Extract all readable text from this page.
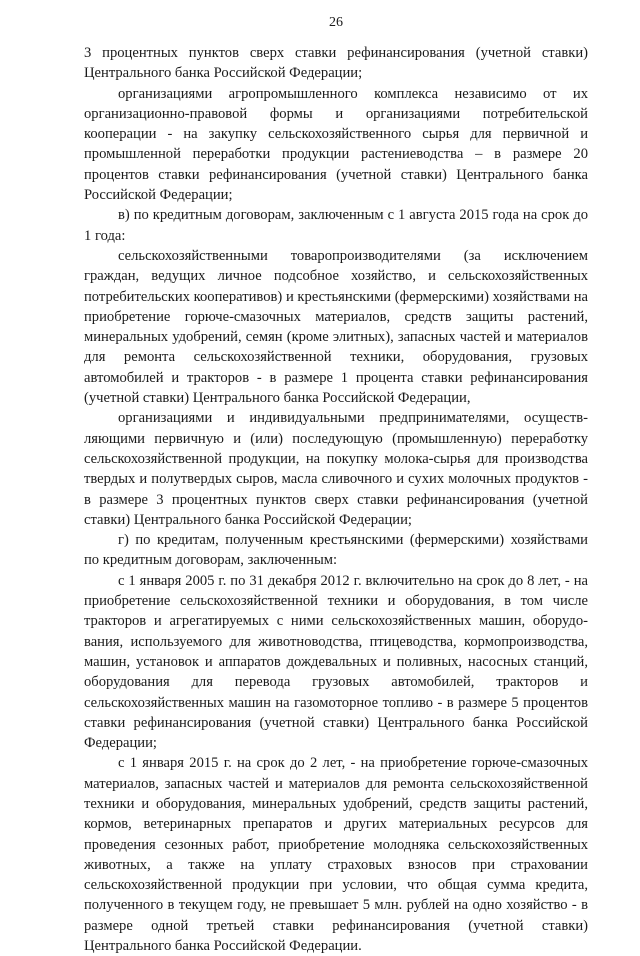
26

3 процентных пунктов сверх ставки рефинансирования (учетной ставки) Центрального банка Российской Федерации;

организациями агропромышленного комплекса независимо от их организационно-правовой формы и организациями потребительской кооперации - на закупку сельскохозяйственного сырья для первичной и промышленной переработки продукции растениеводства – в размере 20 процентов ставки рефинансирования (учетной ставки) Центрального банка Российской Федерации;

в) по кредитным договорам, заключенным с 1 августа 2015 года на срок до 1 года:

сельскохозяйственными товаропроизводителями (за исключением граждан, ведущих личное подсобное хозяйство, и сельскохозяйственных потребительских кооперативов) и крестьянскими (фермерскими) хозяйствами на приобретение горюче-смазочных материалов, средств защиты растений, минеральных удобрений, семян (кроме элитных), запасных частей и материалов для ремонта сельскохозяйственной техники, оборудования, грузовых автомобилей и тракторов - в размере 1 процента ставки рефинансирования (учетной ставки) Центрального банка Российской Федерации,

организациями и индивидуальными предпринимателями, осуществляющими первичную и (или) последующую (промышленную) переработку сельскохозяйственной продукции, на покупку молока-сырья для производства твердых и полутвердых сыров, масла сливочного и сухих молочных продуктов - в размере 3 процентных пунктов сверх ставки рефинансирования (учетной ставки) Центрального банка Российской Федерации;

г) по кредитам, полученным крестьянскими (фермерскими) хозяйствами по кредитным договорам, заключенным:

с 1 января 2005 г. по 31 декабря 2012 г. включительно на срок до 8 лет, - на приобретение сельскохозяйственной техники и оборудования, в том числе тракторов и агрегатируемых с ними сельскохозяйственных машин, оборудования, используемого для животноводства, птицеводства, кормопроизводства, машин, установок и аппаратов дождевальных и поливных, насосных станций, оборудования для перевода грузовых автомобилей, тракторов и сельскохозяйственных машин на газомоторное топливо - в размере 5 процентов ставки рефинансирования (учетной ставки) Центрального банка Российской Федерации;

с 1 января 2015 г. на срок до 2 лет, - на приобретение горюче-смазочных материалов, запасных частей и материалов для ремонта сельскохозяйственной техники и оборудования, минеральных удобрений, средств защиты растений, кормов, ветеринарных препаратов и других материальных ресурсов для проведения сезонных работ, приобретение молодняка сельскохозяйственных животных, а также на уплату страховых взносов при страховании сельскохозяйственной продукции при условии, что общая сумма кредита, полученного в текущем году, не превышает 5 млн. рублей на одно хозяйство - в размере одной третьей ставки рефинансирования (учетной ставки) Центрального банка Российской Федерации.
